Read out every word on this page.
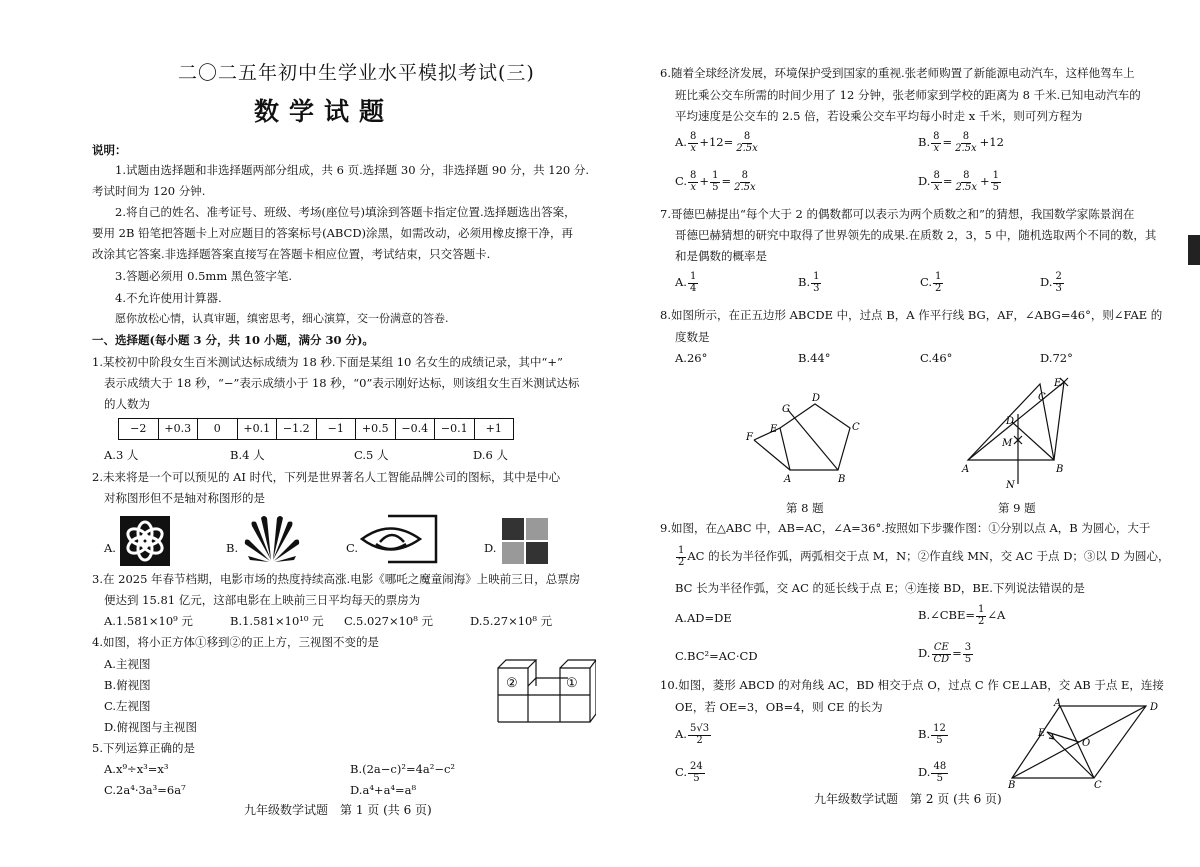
二〇二五年初中生学业水平模拟考试(三)
数学试题
说明：
1.试题由选择题和非选择题两部分组成，共 6 页.选择题 30 分，非选择题 90 分，共 120 分.
考试时间为 120 分钟.
2.将自己的姓名、准考证号、班级、考场(座位号)填涂到答题卡指定位置.选择题选出答案，
要用 2B 铅笔把答题卡上对应题目的答案标号(ABCD)涂黑，如需改动，必须用橡皮擦干净，再
改涂其它答案.非选择题答案直接写在答题卡相应位置，考试结束，只交答题卡.
3.答题必须用 0.5mm 黑色签字笔.
4.不允许使用计算器.
愿你放松心情，认真审题，缜密思考，细心演算，交一份满意的答卷.
一、选择题(每小题 3 分，共 10 小题，满分 30 分)。
1.某校初中阶段女生百米测试达标成绩为 18 秒.下面是某组 10 名女生的成绩记录，其中“+”
表示成绩大于 18 秒，“−”表示成绩小于 18 秒，“0”表示刚好达标，则该组女生百米测试达标
的人数为
−2	+0.3	0	+0.1	−1.2	−1	+0.5	−0.4	−0.1	+1
A.3 人	B.4 人	C.5 人	D.6 人
2.未来将是一个可以预见的 AI 时代，下列是世界著名人工智能品牌公司的图标，其中是中心
对称图形但不是轴对称图形的是
A.	B.	C.	D.
3.在 2025 年春节档期，电影市场的热度持续高涨.电影《哪吒之魔童闹海》上映前三日，总票房
便达到 15.81 亿元，这部电影在上映前三日平均每天的票房为
A.1.581×10⁹ 元	B.1.581×10¹⁰ 元 C.5.027×10⁸ 元	D.5.27×10⁸ 元
4.如图，将小正方体①移到②的正上方，三视图不变的是
A.主视图
B.俯视图
C.左视图
D.俯视图与主视图
②	①
5.下列运算正确的是
A.x⁹÷x³=x³	B.(2a−c)²=4a²−c²
C.2a⁴·3a³=6a⁷	D.a⁴+a⁴=a⁸
九年级数学试题　第 1 页 (共 6 页)
6.随着全球经济发展，环境保护受到国家的重视.张老师购置了新能源电动汽车，这样他驾车上
班比乘公交车所需的时间少用了 12 分钟，张老师家到学校的距离为 8 千米.已知电动汽车的
平均速度是公交车的 2.5 倍，若设乘公交车平均每小时走 x 千米，则可列方程为
A. $\frac{8}{x} +12= \frac{8}{2.5x}$	B. $\frac{8}{x} = \frac{8}{2.5x} +12$
C. $\frac{8}{x} + \frac{1}{5} = \frac{8}{2.5x}$	D. $\frac{8}{x} = \frac{8}{2.5x} + \frac{1}{5}$
7.哥德巴赫提出“每个大于 2 的偶数都可以表示为两个质数之和”的猜想，我国数学家陈景润在
哥德巴赫猜想的研究中取得了世界领先的成果.在质数 2，3，5 中，随机选取两个不同的数，其
和是偶数的概率是
A. $\frac{1}{4}$	B. $\frac{1}{3}$	C. $\frac{1}{2}$	D. $\frac{2}{3}$
8.如图所示，在正五边形 ABCDE 中，过点 B，A 作平行线 BG，AF，∠ABG=46°，则∠FAE 的
度数是
A.26°	B.44°	C.46°	D.72°
G
D
C
E
F
A	B
第 8 题
E
C
D
M
A	B
N
第 9 题
9.如图，在△ABC 中，AB=AC，∠A=36°.按照如下步骤作图：①分别以点 A，B 为圆心，大于
$\frac{1}{2}$ AC 的长为半径作弧，两弧相交于点 M，N；②作直线 MN，交 AC 于点 D；③以 D 为圆心，
BC 长为半径作弧，交 AC 的延长线于点 E；④连接 BD，BE.下列说法错误的是
A.AD=DE	B.∠CBE= $\frac{1}{2}$ ∠A
C.BC²=AC·CD	D. $\frac{CE}{CD} = \frac{3}{5}$
10.如图，菱形 ABCD 的对角线 AC，BD 相交于点 O，过点 C 作 CE⊥AB，交 AB 于点 E，连接
OE，若 OE=3，OB=4，则 CE 的长为
A. $\frac{5√3}{2}$	B. $\frac{12}{5}$
C. $\frac{24}{5}$	D. $\frac{48}{5}$
A	D
E
O
B	C
九年级数学试题　第 2 页 (共 6 页)
